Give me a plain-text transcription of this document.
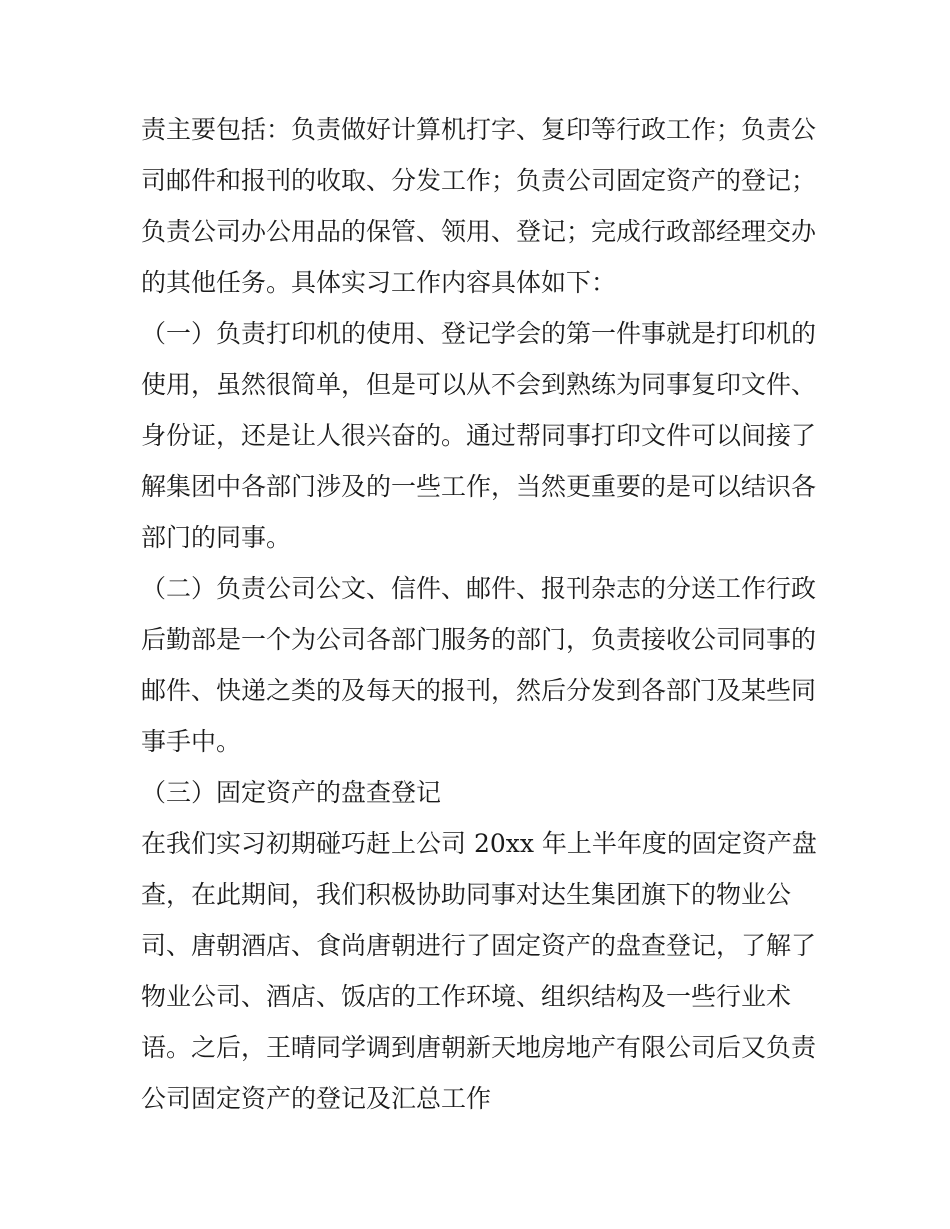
责主要包括：负责做好计算机打字、复印等行政工作；负责公
司邮件和报刊的收取、分发工作；负责公司固定资产的登记；
负责公司办公用品的保管、领用、登记；完成行政部经理交办
的其他任务。具体实习工作内容具体如下：
（一）负责打印机的使用、登记学会的第一件事就是打印机的
使用，虽然很简单，但是可以从不会到熟练为同事复印文件、
身份证，还是让人很兴奋的。通过帮同事打印文件可以间接了
解集团中各部门涉及的一些工作，当然更重要的是可以结识各
部门的同事。
（二）负责公司公文、信件、邮件、报刊杂志的分送工作行政
后勤部是一个为公司各部门服务的部门，负责接收公司同事的
邮件、快递之类的及每天的报刊，然后分发到各部门及某些同
事手中。
（三）固定资产的盘查登记
在我们实习初期碰巧赶上公司 20xx 年上半年度的固定资产盘
查，在此期间，我们积极协助同事对达生集团旗下的物业公
司、唐朝酒店、食尚唐朝进行了固定资产的盘查登记，了解了
物业公司、酒店、饭店的工作环境、组织结构及一些行业术
语。之后，王晴同学调到唐朝新天地房地产有限公司后又负责
公司固定资产的登记及汇总工作
